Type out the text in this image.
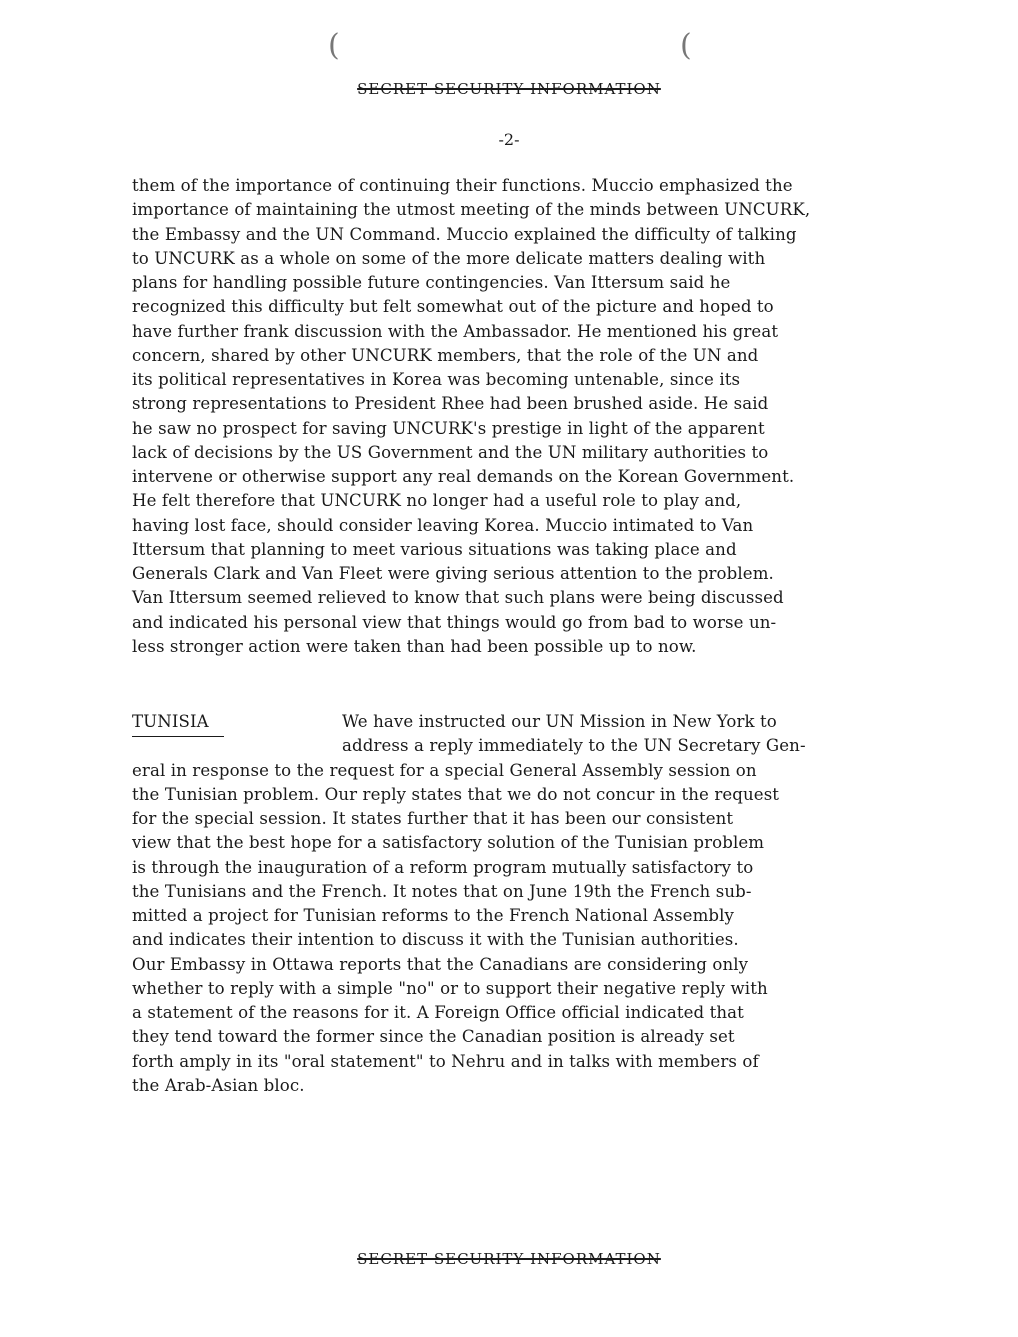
(	(
SECRET SECURITY INFORMATION
-2-

them of the importance of continuing their functions. Muccio emphasized the
importance of maintaining the utmost meeting of the minds between UNCURK,
the Embassy and the UN Command. Muccio explained the difficulty of talking
to UNCURK as a whole on some of the more delicate matters dealing with
plans for handling possible future contingencies. Van Ittersum said he
recognized this difficulty but felt somewhat out of the picture and hoped to
have further frank discussion with the Ambassador. He mentioned his great
concern, shared by other UNCURK members, that the role of the UN and
its political representatives in Korea was becoming untenable, since its
strong representations to President Rhee had been brushed aside. He said
he saw no prospect for saving UNCURK's prestige in light of the apparent
lack of decisions by the US Government and the UN military authorities to
intervene or otherwise support any real demands on the Korean Government.
He felt therefore that UNCURK no longer had a useful role to play and,
having lost face, should consider leaving Korea. Muccio intimated to Van
Ittersum that planning to meet various situations was taking place and
Generals Clark and Van Fleet were giving serious attention to the problem.
Van Ittersum seemed relieved to know that such plans were being discussed
and indicated his personal view that things would go from bad to worse un-
less stronger action were taken than had been possible up to now.

TUNISIA	We have instructed our UN Mission in New York to
address a reply immediately to the UN Secretary Gen-
eral in response to the request for a special General Assembly session on
the Tunisian problem. Our reply states that we do not concur in the request
for the special session. It states further that it has been our consistent
view that the best hope for a satisfactory solution of the Tunisian problem
is through the inauguration of a reform program mutually satisfactory to
the Tunisians and the French. It notes that on June 19th the French sub-
mitted a project for Tunisian reforms to the French National Assembly
and indicates their intention to discuss it with the Tunisian authorities.
Our Embassy in Ottawa reports that the Canadians are considering only
whether to reply with a simple "no" or to support their negative reply with
a statement of the reasons for it. A Foreign Office official indicated that
they tend toward the former since the Canadian position is already set
forth amply in its "oral statement" to Nehru and in talks with members of
the Arab-Asian bloc.

SECRET SECURITY INFORMATION
